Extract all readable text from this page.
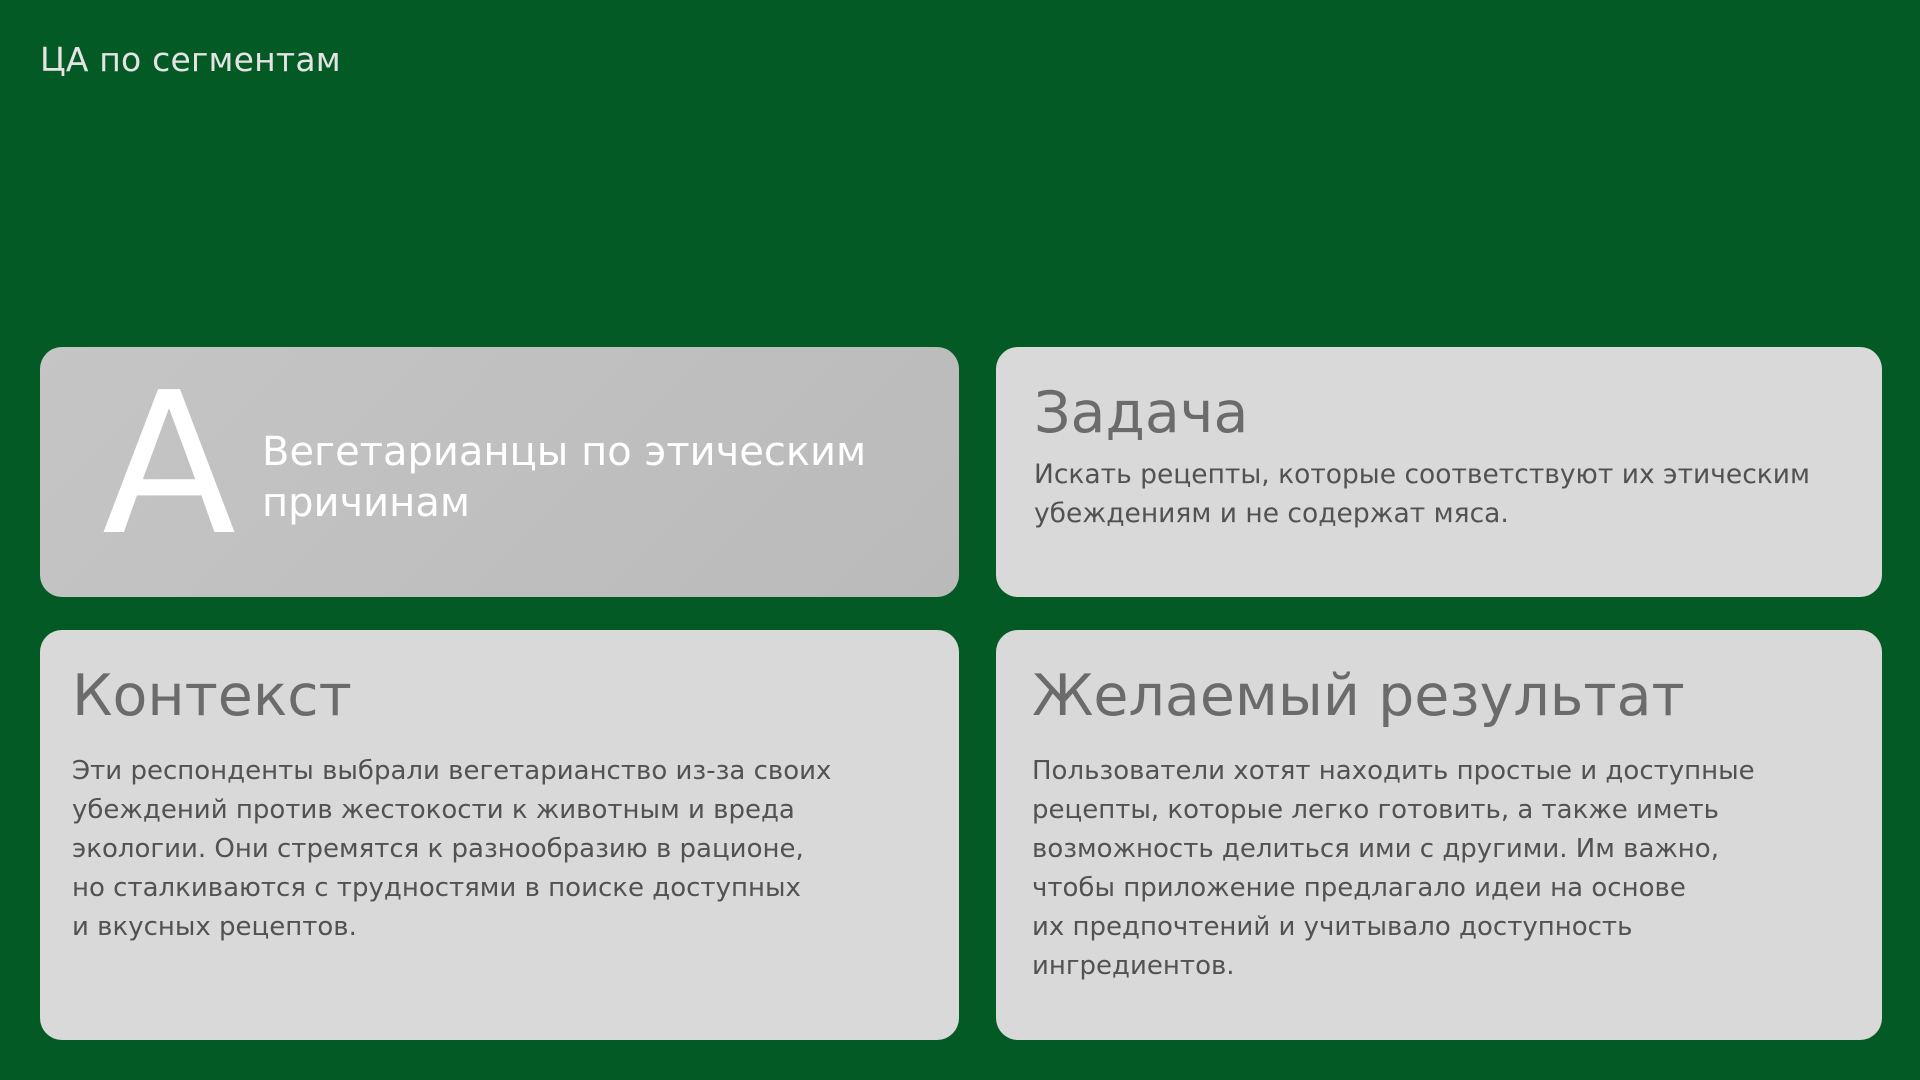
ЦА по сегментам
А Вегетарианцы по этическим
причинам
Задача

Искать рецепты, которые соответствуют их этическим
убеждениям и не содержат мяса.

Контекст

Эти респонденты выбрали вегетарианство из-за своих
убеждений против жестокости к животным и вреда
экологии. Они стремятся к разнообразию в рационе,
но сталкиваются с трудностями в поиске доступных
и вкусных рецептов.

Желаемый результат

Пользователи хотят находить простые и доступные
рецепты, которые легко готовить, а также иметь
возможность делиться ими с другими. Им важно,
чтобы приложение предлагало идеи на основе
их предпочтений и учитывало доступность
ингредиентов.
